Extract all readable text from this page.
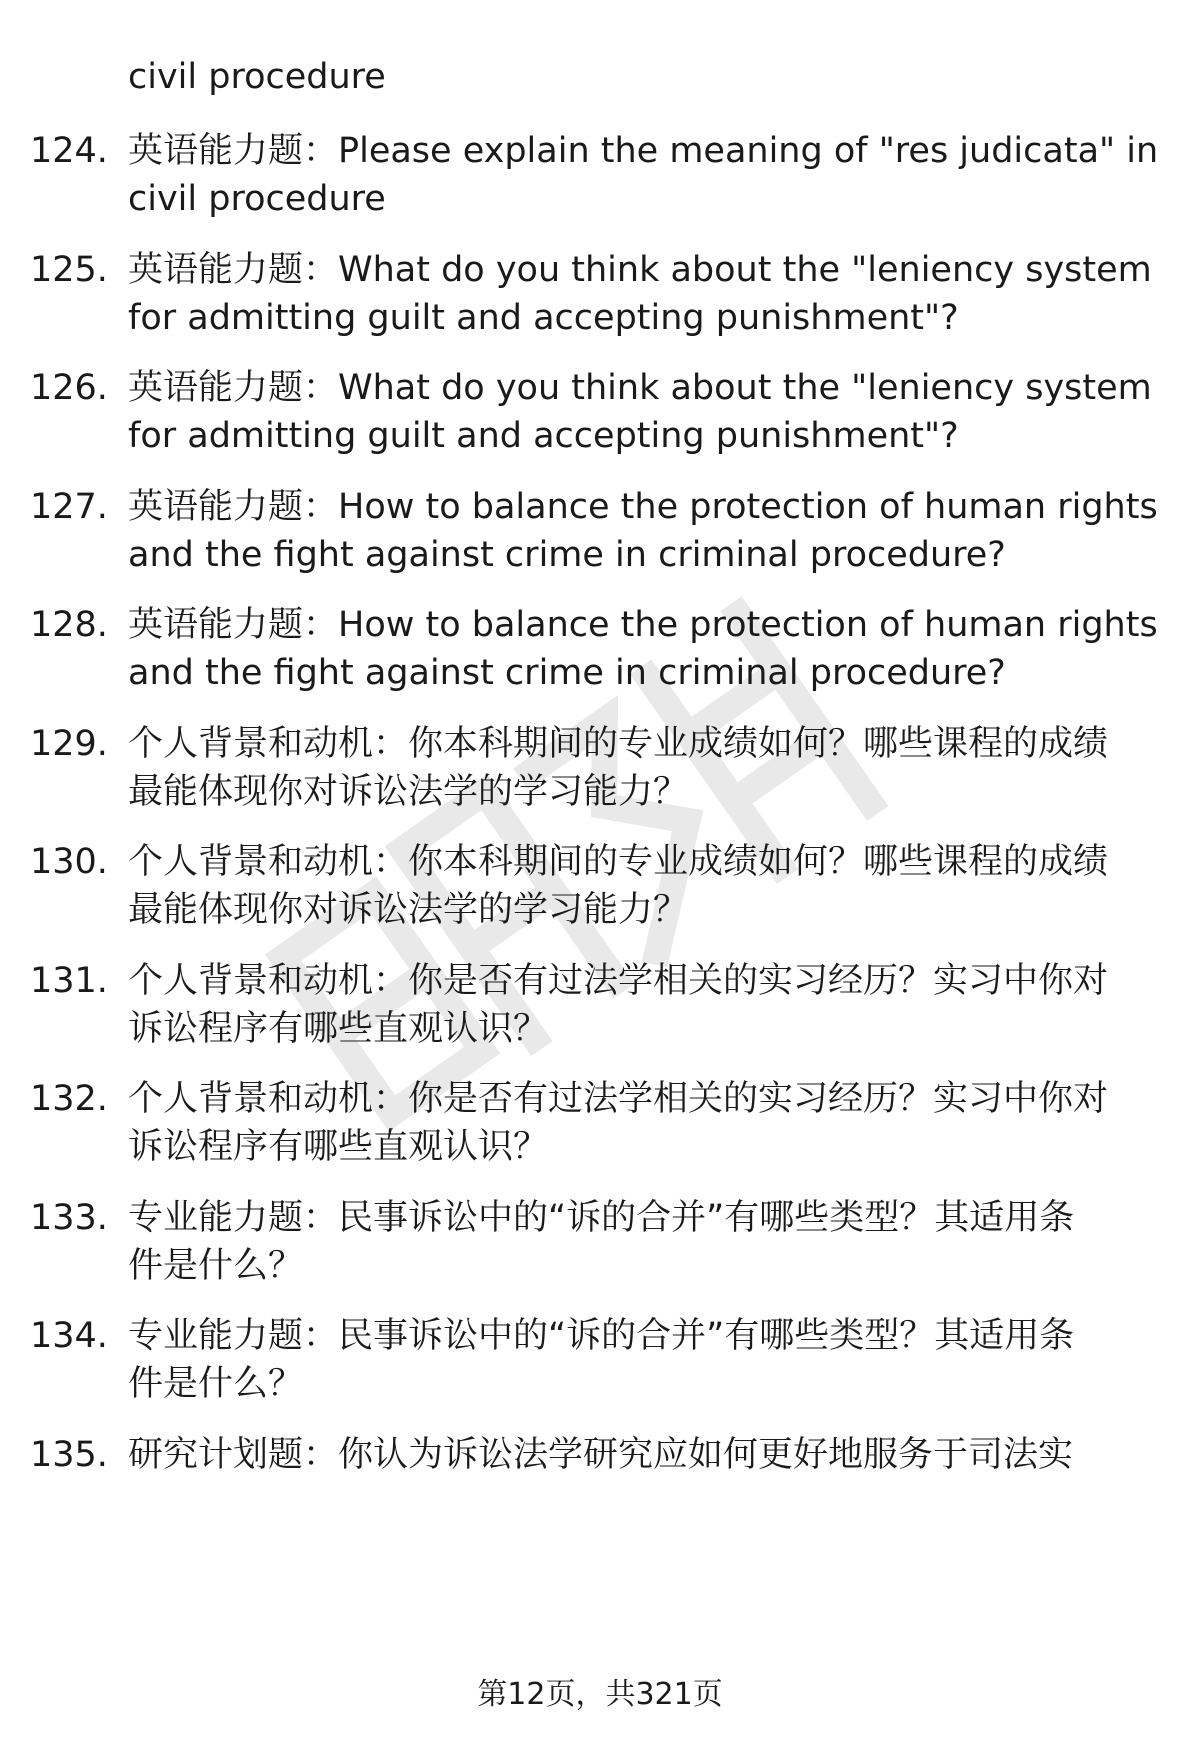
civil procedure
124. 英语能力题：Please explain the meaning of "res judicata" in
civil procedure
125. 英语能力题：What do you think about the "leniency system
for admitting guilt and accepting punishment"?
126. 英语能力题：What do you think about the "leniency system
for admitting guilt and accepting punishment"?
127. 英语能力题：How to balance the protection of human rights
and the fight against crime in criminal procedure?
128. 英语能力题：How to balance the protection of human rights
and the fight against crime in criminal procedure?
129. 个人背景和动机：你本科期间的专业成绩如何？哪些课程的成绩
最能体现你对诉讼法学的学习能力？
130. 个人背景和动机：你本科期间的专业成绩如何？哪些课程的成绩
最能体现你对诉讼法学的学习能力？
131. 个人背景和动机：你是否有过法学相关的实习经历？实习中你对
诉讼程序有哪些直观认识？
132. 个人背景和动机：你是否有过法学相关的实习经历？实习中你对
诉讼程序有哪些直观认识？
133. 专业能力题：民事诉讼中的“诉的合并”有哪些类型？其适用条
件是什么？
134. 专业能力题：民事诉讼中的“诉的合并”有哪些类型？其适用条
件是什么？
135. 研究计划题：你认为诉讼法学研究应如何更好地服务于司法实
第12页，共321页
